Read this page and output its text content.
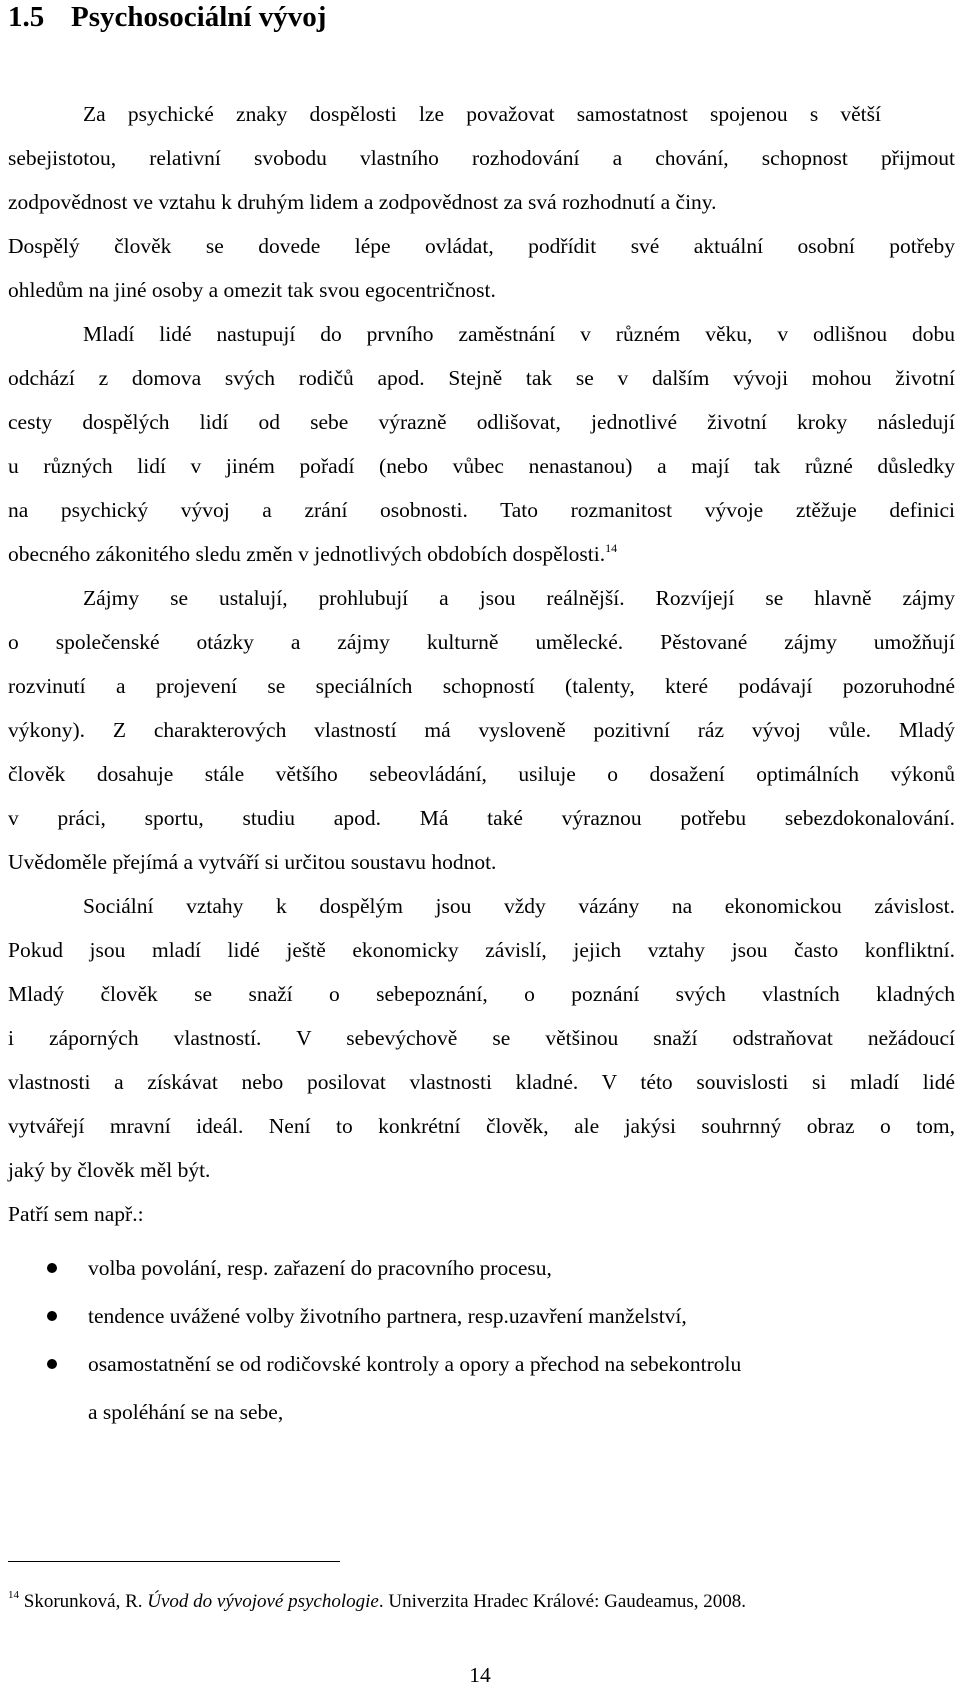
1.5 Psychosociální vývoj
Za psychické znaky dospělosti lze považovat samostatnost spojenou s větší
sebejistotou, relativní svobodu vlastního rozhodování a chování, schopnost přijmout
zodpovědnost ve vztahu k druhým lidem a zodpovědnost za svá rozhodnutí a činy.
Dospělý člověk se dovede lépe ovládat, podřídit své aktuální osobní potřeby
ohledům na jiné osoby a omezit tak svou egocentričnost.
Mladí lidé nastupují do prvního zaměstnání v různém věku, v odlišnou dobu
odchází z domova svých rodičů apod. Stejně tak se v dalším vývoji mohou životní
cesty dospělých lidí od sebe výrazně odlišovat, jednotlivé životní kroky následují
u různých lidí v jiném pořadí (nebo vůbec nenastanou) a mají tak různé důsledky
na psychický vývoj a zrání osobnosti. Tato rozmanitost vývoje ztěžuje definici
obecného zákonitého sledu změn v jednotlivých obdobích dospělosti.$^{14}$
Zájmy se ustalují, prohlubují a jsou reálnější. Rozvíjejí se hlavně zájmy
o společenské otázky a zájmy kulturně umělecké. Pěstované zájmy umožňují
rozvinutí a projevení se speciálních schopností (talenty, které podávají pozoruhodné
výkony). Z charakterových vlastností má vysloveně pozitivní ráz vývoj vůle. Mladý
člověk dosahuje stále většího sebeovládání, usiluje o dosažení optimálních výkonů
v práci, sportu, studiu apod. Má také výraznou potřebu sebezdokonalování.
Uvědoměle přejímá a vytváří si určitou soustavu hodnot.
Sociální vztahy k dospělým jsou vždy vázány na ekonomickou závislost.
Pokud jsou mladí lidé ještě ekonomicky závislí, jejich vztahy jsou často konfliktní.
Mladý člověk se snaží o sebepoznání, o poznání svých vlastních kladných
i záporných vlastností. V sebevýchově se většinou snaží odstraňovat nežádoucí
vlastnosti a získávat nebo posilovat vlastnosti kladné. V této souvislosti si mladí lidé
vytvářejí mravní ideál. Není to konkrétní člověk, ale jakýsi souhrnný obraz o tom,
jaký by člověk měl být.
Patří sem např.:
volba povolání, resp. zařazení do pracovního procesu,
tendence uvážené volby životního partnera, resp.uzavření manželství,
osamostatnění se od rodičovské kontroly a opory a přechod na sebekontrolu
a spoléhání se na sebe,
$^{14}$ Skorunková, R. Úvod do vývojové psychologie. Univerzita Hradec Králové: Gaudeamus, 2008.
14
